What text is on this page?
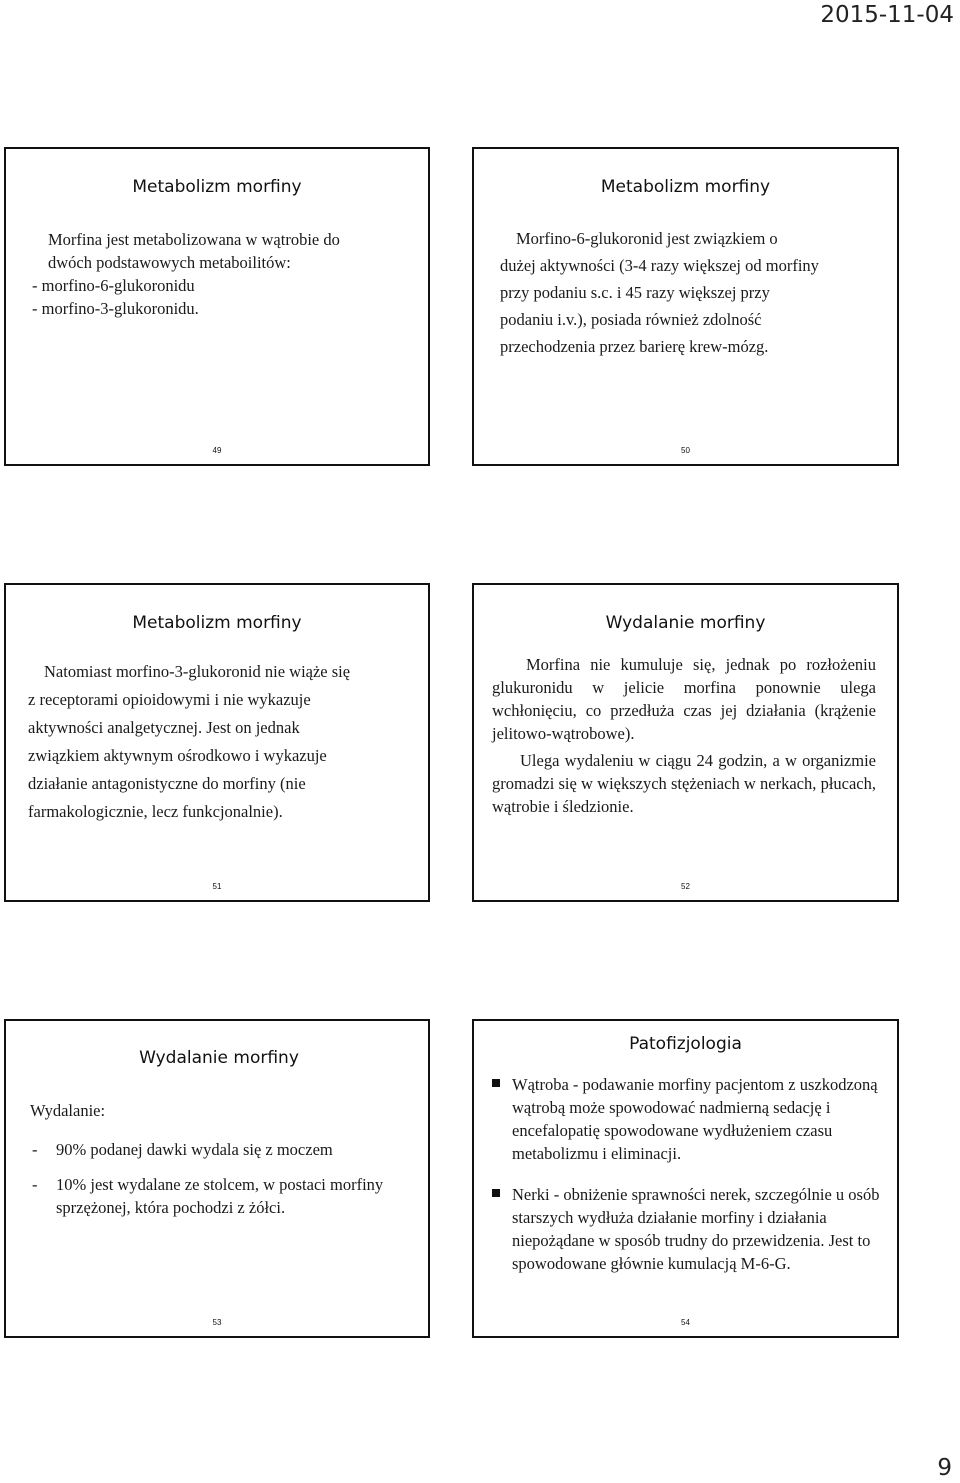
2015-11-04
Metabolizm morfiny
Morfina jest metabolizowana w wątrobie do
dwóch podstawowych metaboilitów:
- morfino-6-glukoronidu
- morfino-3-glukoronidu.
49
Metabolizm morfiny
Morfino-6-glukoronid jest związkiem o
dużej aktywności (3-4 razy większej od morfiny
przy podaniu s.c. i 45 razy większej przy
podaniu i.v.), posiada również zdolność
przechodzenia przez barierę krew-mózg.
50
Metabolizm morfiny
Natomiast morfino-3-glukoronid nie wiąże się
z receptorami opioidowymi i nie wykazuje
aktywności analgetycznej. Jest on jednak
związkiem aktywnym ośrodkowo i wykazuje
działanie antagonistyczne do morfiny (nie
farmakologicznie, lecz funkcjonalnie).
51
Wydalanie morfiny
Morfina nie kumuluje się, jednak po rozłożeniu glukuronidu w jelicie morfina ponownie ulega wchłonięciu, co przedłuża czas jej działania (krążenie jelitowo-wątrobowe).
Ulega wydaleniu w ciągu 24 godzin, a w organizmie gromadzi się w większych stężeniach w nerkach, płucach, wątrobie i śledzionie.
52
Wydalanie morfiny
Wydalanie:
- 90% podanej dawki wydala się z moczem
- 10% jest wydalane ze stolcem, w postaci morfiny sprzężonej, która pochodzi z żółci.
53
Patofizjologia
Wątroba - podawanie morfiny pacjentom z uszkodzoną wątrobą może spowodować nadmierną sedację i encefalopatię spowodowane wydłużeniem czasu metabolizmu i eliminacji.
Nerki - obniżenie sprawności nerek, szczególnie u osób starszych wydłuża działanie morfiny i działania niepożądane w sposób trudny do przewidzenia. Jest to spowodowane głównie kumulacją M-6-G.
54
9
